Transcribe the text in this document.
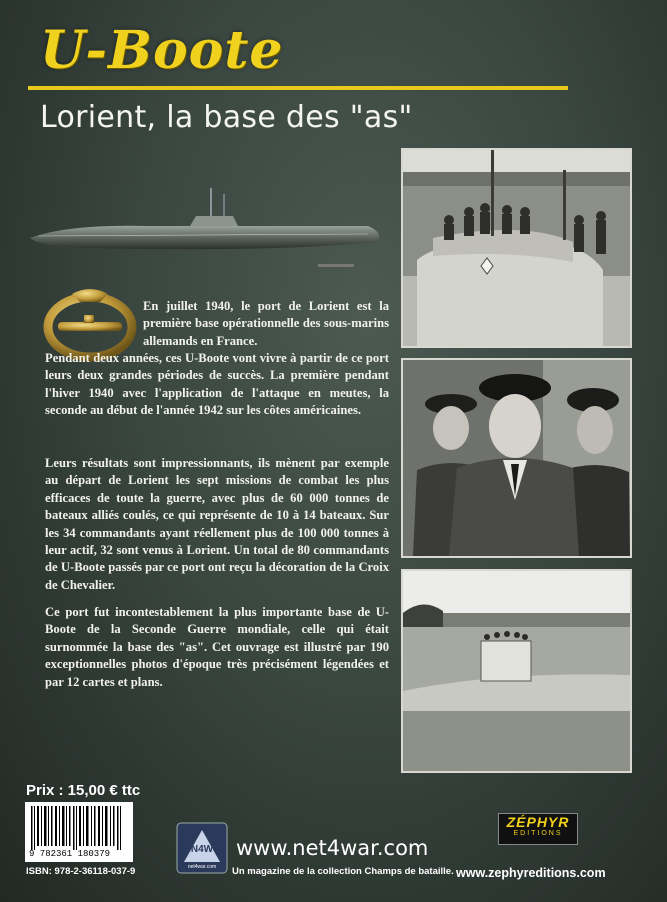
U-Boote
Lorient, la base des "as"
En juillet 1940, le port de Lorient est la première base opérationnelle des sous-marins allemands en France.
Pendant deux années, ces U-Boote vont vivre à partir de ce port leurs deux grandes périodes de succès. La première pendant l'hiver 1940 avec l'application de l'attaque en meutes, la seconde au début de l'année 1942 sur les côtes américaines.
Leurs résultats sont impressionnants, ils mènent par exemple au départ de Lorient les sept missions de combat les plus efficaces de toute la guerre, avec plus de 60 000 tonnes de bateaux alliés coulés, ce qui représente de 10 à 14 bateaux. Sur les 34 commandants ayant réellement plus de 100 000 tonnes à leur actif, 32 sont venus à Lorient. Un total de 80 commandants de U-Boote passés par ce port ont reçu la décoration de la Croix de Chevalier.
Ce port fut incontestablement la plus importante base de U-Boote de la Seconde Guerre mondiale, celle qui était surnommée la base des "as". Cet ouvrage est illustré par 190 exceptionnelles photos d'époque très précisément légendées et par 12 cartes et plans.
Prix : 15,00 € ttc
9 782361 180379
ISBN: 978-2-36118-037-9
N4W
net4war.com
www.net4war.com
Un magazine de la collection Champs de bataille.
ZÉPHYR
EDITIONS
www.zephyreditions.com
